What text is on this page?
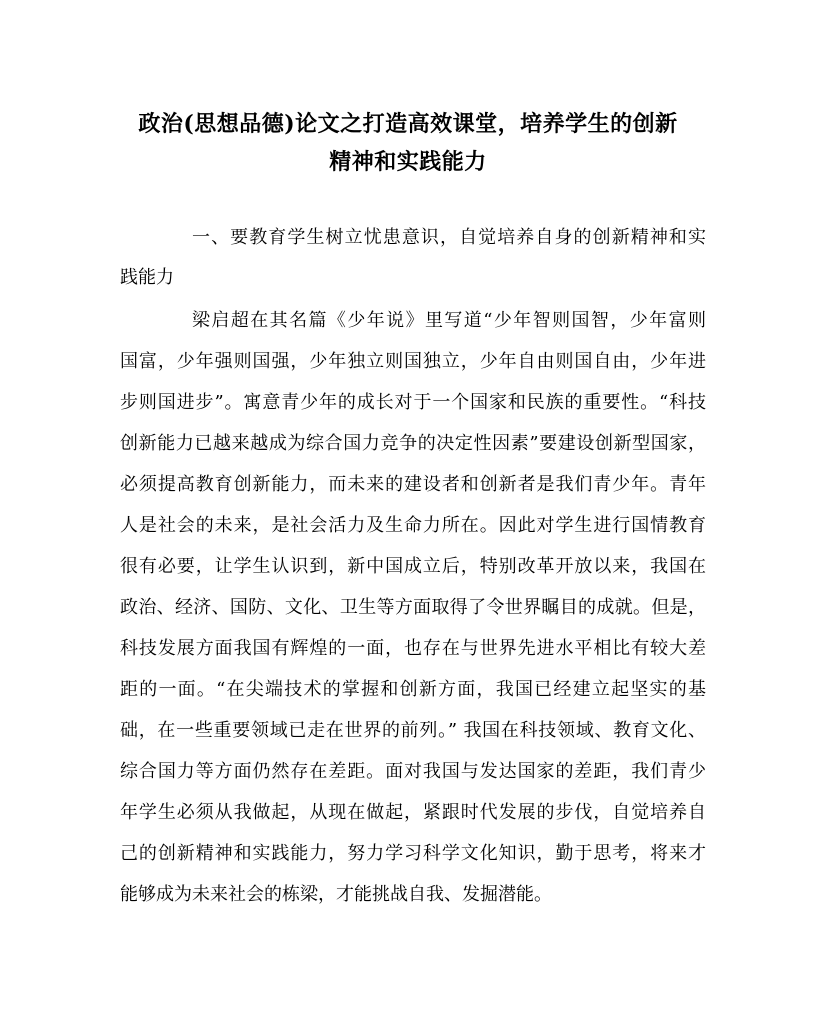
政治(思想品德)论文之打造高效课堂，培养学生的创新
精神和实践能力
一、要教育学生树立忧患意识，自觉培养自身的创新精神和实
践能力
梁启超在其名篇《少年说》里写道“少年智则国智，少年富则
国富，少年强则国强，少年独立则国独立，少年自由则国自由，少年进
步则国进步”。寓意青少年的成长对于一个国家和民族的重要性。“科技
创新能力已越来越成为综合国力竞争的决定性因素”要建设创新型国家，
必须提高教育创新能力，而未来的建设者和创新者是我们青少年。青年
人是社会的未来，是社会活力及生命力所在。因此对学生进行国情教育
很有必要，让学生认识到，新中国成立后，特别改革开放以来，我国在
政治、经济、国防、文化、卫生等方面取得了令世界瞩目的成就。但是，
科技发展方面我国有辉煌的一面，也存在与世界先进水平相比有较大差
距的一面。“在尖端技术的掌握和创新方面，我国已经建立起坚实的基
础，在一些重要领域已走在世界的前列。” 我国在科技领域、教育文化、
综合国力等方面仍然存在差距。面对我国与发达国家的差距，我们青少
年学生必须从我做起，从现在做起，紧跟时代发展的步伐，自觉培养自
己的创新精神和实践能力，努力学习科学文化知识，勤于思考，将来才
能够成为未来社会的栋梁，才能挑战自我、发掘潜能。
